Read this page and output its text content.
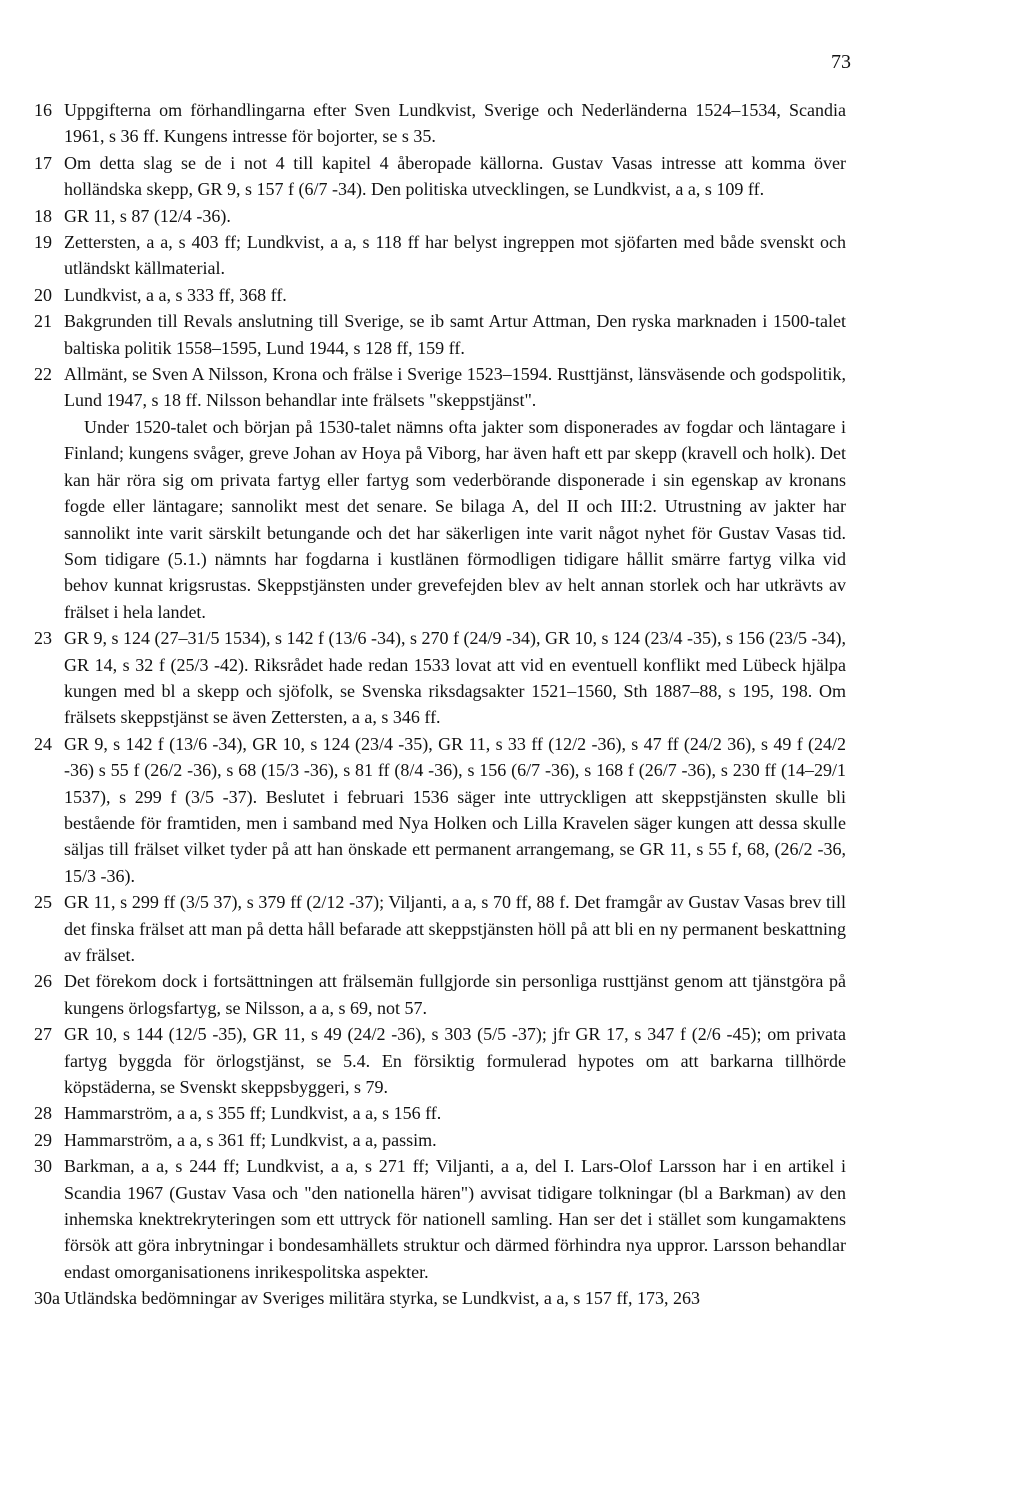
73

16 Uppgifterna om förhandlingarna efter Sven Lundkvist, Sverige och Nederländerna 1524–1534, Scandia 1961, s 36 ff. Kungens intresse för bojorter, se s 35.

17 Om detta slag se de i not 4 till kapitel 4 åberopade källorna. Gustav Vasas intresse att komma över holländska skepp, GR 9, s 157 f (6/7 -34). Den politiska utvecklingen, se Lundkvist, a a, s 109 ff.

18 GR 11, s 87 (12/4 -36).

19 Zettersten, a a, s 403 ff; Lundkvist, a a, s 118 ff har belyst ingreppen mot sjöfarten med både svenskt och utländskt källmaterial.

20 Lundkvist, a a, s 333 ff, 368 ff.

21 Bakgrunden till Revals anslutning till Sverige, se ib samt Artur Attman, Den ryska marknaden i 1500-talet baltiska politik 1558–1595, Lund 1944, s 128 ff, 159 ff.

22 Allmänt, se Sven A Nilsson, Krona och frälse i Sverige 1523–1594. Rusttjänst, länsväsende och godspolitik, Lund 1947, s 18 ff. Nilsson behandlar inte frälsets "skeppstjänst".
Under 1520-talet och början på 1530-talet nämns ofta jakter som disponerades av fogdar och läntagare i Finland; kungens svåger, greve Johan av Hoya på Viborg, har även haft ett par skepp (kravell och holk). Det kan här röra sig om privata fartyg eller fartyg som vederbörande disponerade i sin egenskap av kronans fogde eller läntagare; sannolikt mest det senare. Se bilaga A, del II och III:2. Utrustning av jakter har sannolikt inte varit särskilt betungande och det har säkerligen inte varit något nyhet för Gustav Vasas tid. Som tidigare (5.1.) nämnts har fogdarna i kustlänen förmodligen tidigare hållit smärre fartyg vilka vid behov kunnat krigsrustas. Skeppstjänsten under grevefejden blev av helt annan storlek och har utkrävts av frälset i hela landet.

23 GR 9, s 124 (27–31/5 1534), s 142 f (13/6 -34), s 270 f (24/9 -34), GR 10, s 124 (23/4 -35), s 156 (23/5 -34), GR 14, s 32 f (25/3 -42). Riksrådet hade redan 1533 lovat att vid en eventuell konflikt med Lübeck hjälpa kungen med bl a skepp och sjöfolk, se Svenska riksdagsakter 1521–1560, Sth 1887–88, s 195, 198. Om frälsets skeppstjänst se även Zettersten, a a, s 346 ff.

24 GR 9, s 142 f (13/6 -34), GR 10, s 124 (23/4 -35), GR 11, s 33 ff (12/2 -36), s 47 ff (24/2 36), s 49 f (24/2 -36) s 55 f (26/2 -36), s 68 (15/3 -36), s 81 ff (8/4 -36), s 156 (6/7 -36), s 168 f (26/7 -36), s 230 ff (14–29/1 1537), s 299 f (3/5 -37). Beslutet i februari 1536 säger inte uttryckligen att skeppstjänsten skulle bli bestående för framtiden, men i samband med Nya Holken och Lilla Kravelen säger kungen att dessa skulle säljas till frälset vilket tyder på att han önskade ett permanent arrangemang, se GR 11, s 55 f, 68, (26/2 -36, 15/3 -36).

25 GR 11, s 299 ff (3/5 37), s 379 ff (2/12 -37); Viljanti, a a, s 70 ff, 88 f. Det framgår av Gustav Vasas brev till det finska frälset att man på detta håll befarade att skeppstjänsten höll på att bli en ny permanent beskattning av frälset.

26 Det förekom dock i fortsättningen att frälsemän fullgjorde sin personliga rusttjänst genom att tjänstgöra på kungens örlogsfartyg, se Nilsson, a a, s 69, not 57.

27 GR 10, s 144 (12/5 -35), GR 11, s 49 (24/2 -36), s 303 (5/5 -37); jfr GR 17, s 347 f (2/6 -45); om privata fartyg byggda för örlogstjänst, se 5.4. En försiktig formulerad hypotes om att barkarna tillhörde köpstäderna, se Svenskt skeppsbyggeri, s 79.

28 Hammarström, a a, s 355 ff; Lundkvist, a a, s 156 ff.

29 Hammarström, a a, s 361 ff; Lundkvist, a a, passim.

30 Barkman, a a, s 244 ff; Lundkvist, a a, s 271 ff; Viljanti, a a, del I. Lars-Olof Larsson har i en artikel i Scandia 1967 (Gustav Vasa och "den nationella hären") avvisat tidigare tolkningar (bl a Barkman) av den inhemska knektrekryteringen som ett uttryck för nationell samling. Han ser det i stället som kungamaktens försök att göra inbrytningar i bondesamhällets struktur och därmed förhindra nya uppror. Larsson behandlar endast omorganisationens inrikespolitska aspekter.

30a Utländska bedömningar av Sveriges militära styrka, se Lundkvist, a a, s 157 ff, 173, 263
